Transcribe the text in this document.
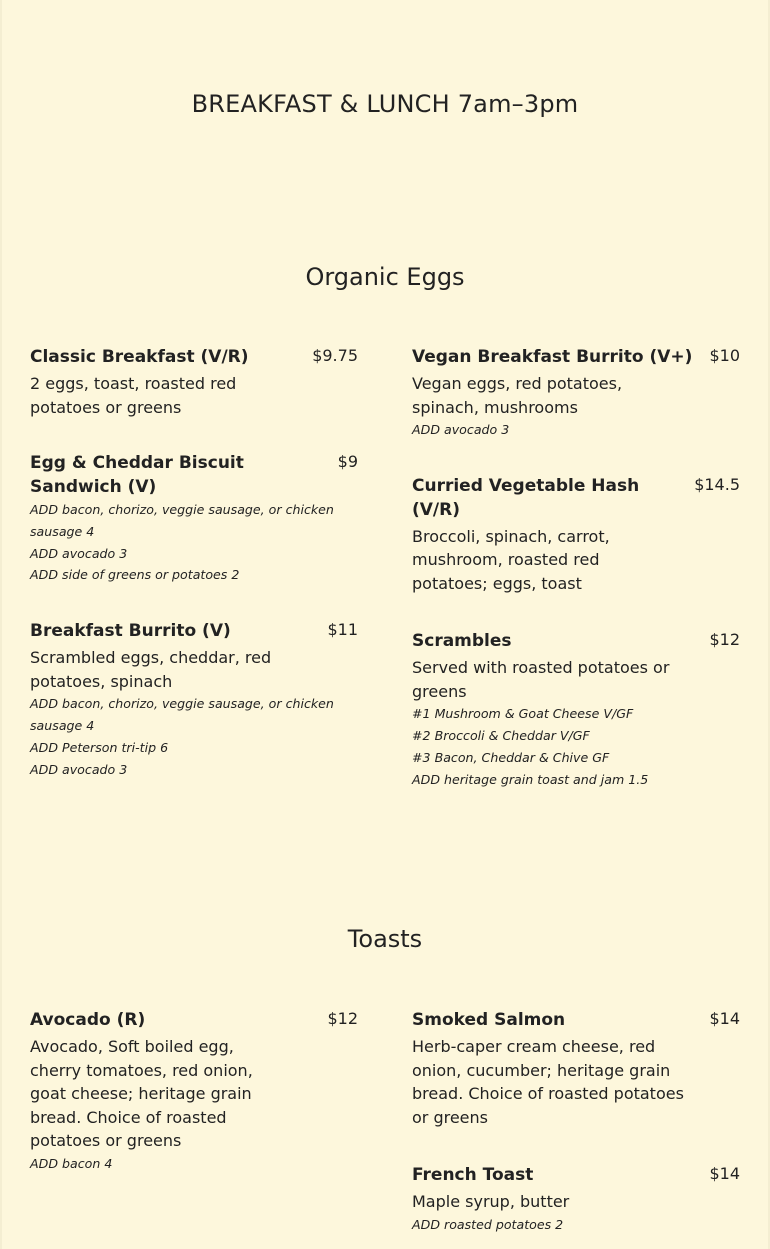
BREAKFAST & LUNCH 7am–3pm
Organic Eggs
Classic Breakfast (V/R)	$9.75
2 eggs, toast, roasted red potatoes or greens
Egg & Cheddar Biscuit Sandwich (V)
$9
ADD bacon, chorizo, veggie sausage, or chicken sausage 4
ADD avocado 3
ADD side of greens or potatoes 2
Breakfast Burrito (V)	$11
Scrambled eggs, cheddar, red potatoes, spinach
ADD bacon, chorizo, veggie sausage, or chicken sausage 4
ADD Peterson tri-tip 6
ADD avocado 3
Vegan Breakfast Burrito (V+)	$10
Vegan eggs, red potatoes, spinach, mushrooms
ADD avocado 3
Curried Vegetable Hash (V/R)
$14.5
Broccoli, spinach, carrot, mushroom, roasted red potatoes; eggs, toast
Scrambles	$12
Served with roasted potatoes or greens
#1 Mushroom & Goat Cheese V/GF
#2 Broccoli & Cheddar V/GF
#3 Bacon, Cheddar & Chive GF
ADD heritage grain toast and jam 1.5
Toasts
Avocado (R)	$12
Avocado, Soft boiled egg, cherry tomatoes, red onion, goat cheese; heritage grain bread. Choice of roasted potatoes or greens
ADD bacon 4
Smoked Salmon	$14
Herb-caper cream cheese, red onion, cucumber; heritage grain bread. Choice of roasted potatoes or greens
French Toast	$14
Maple syrup, butter
ADD roasted potatoes 2
